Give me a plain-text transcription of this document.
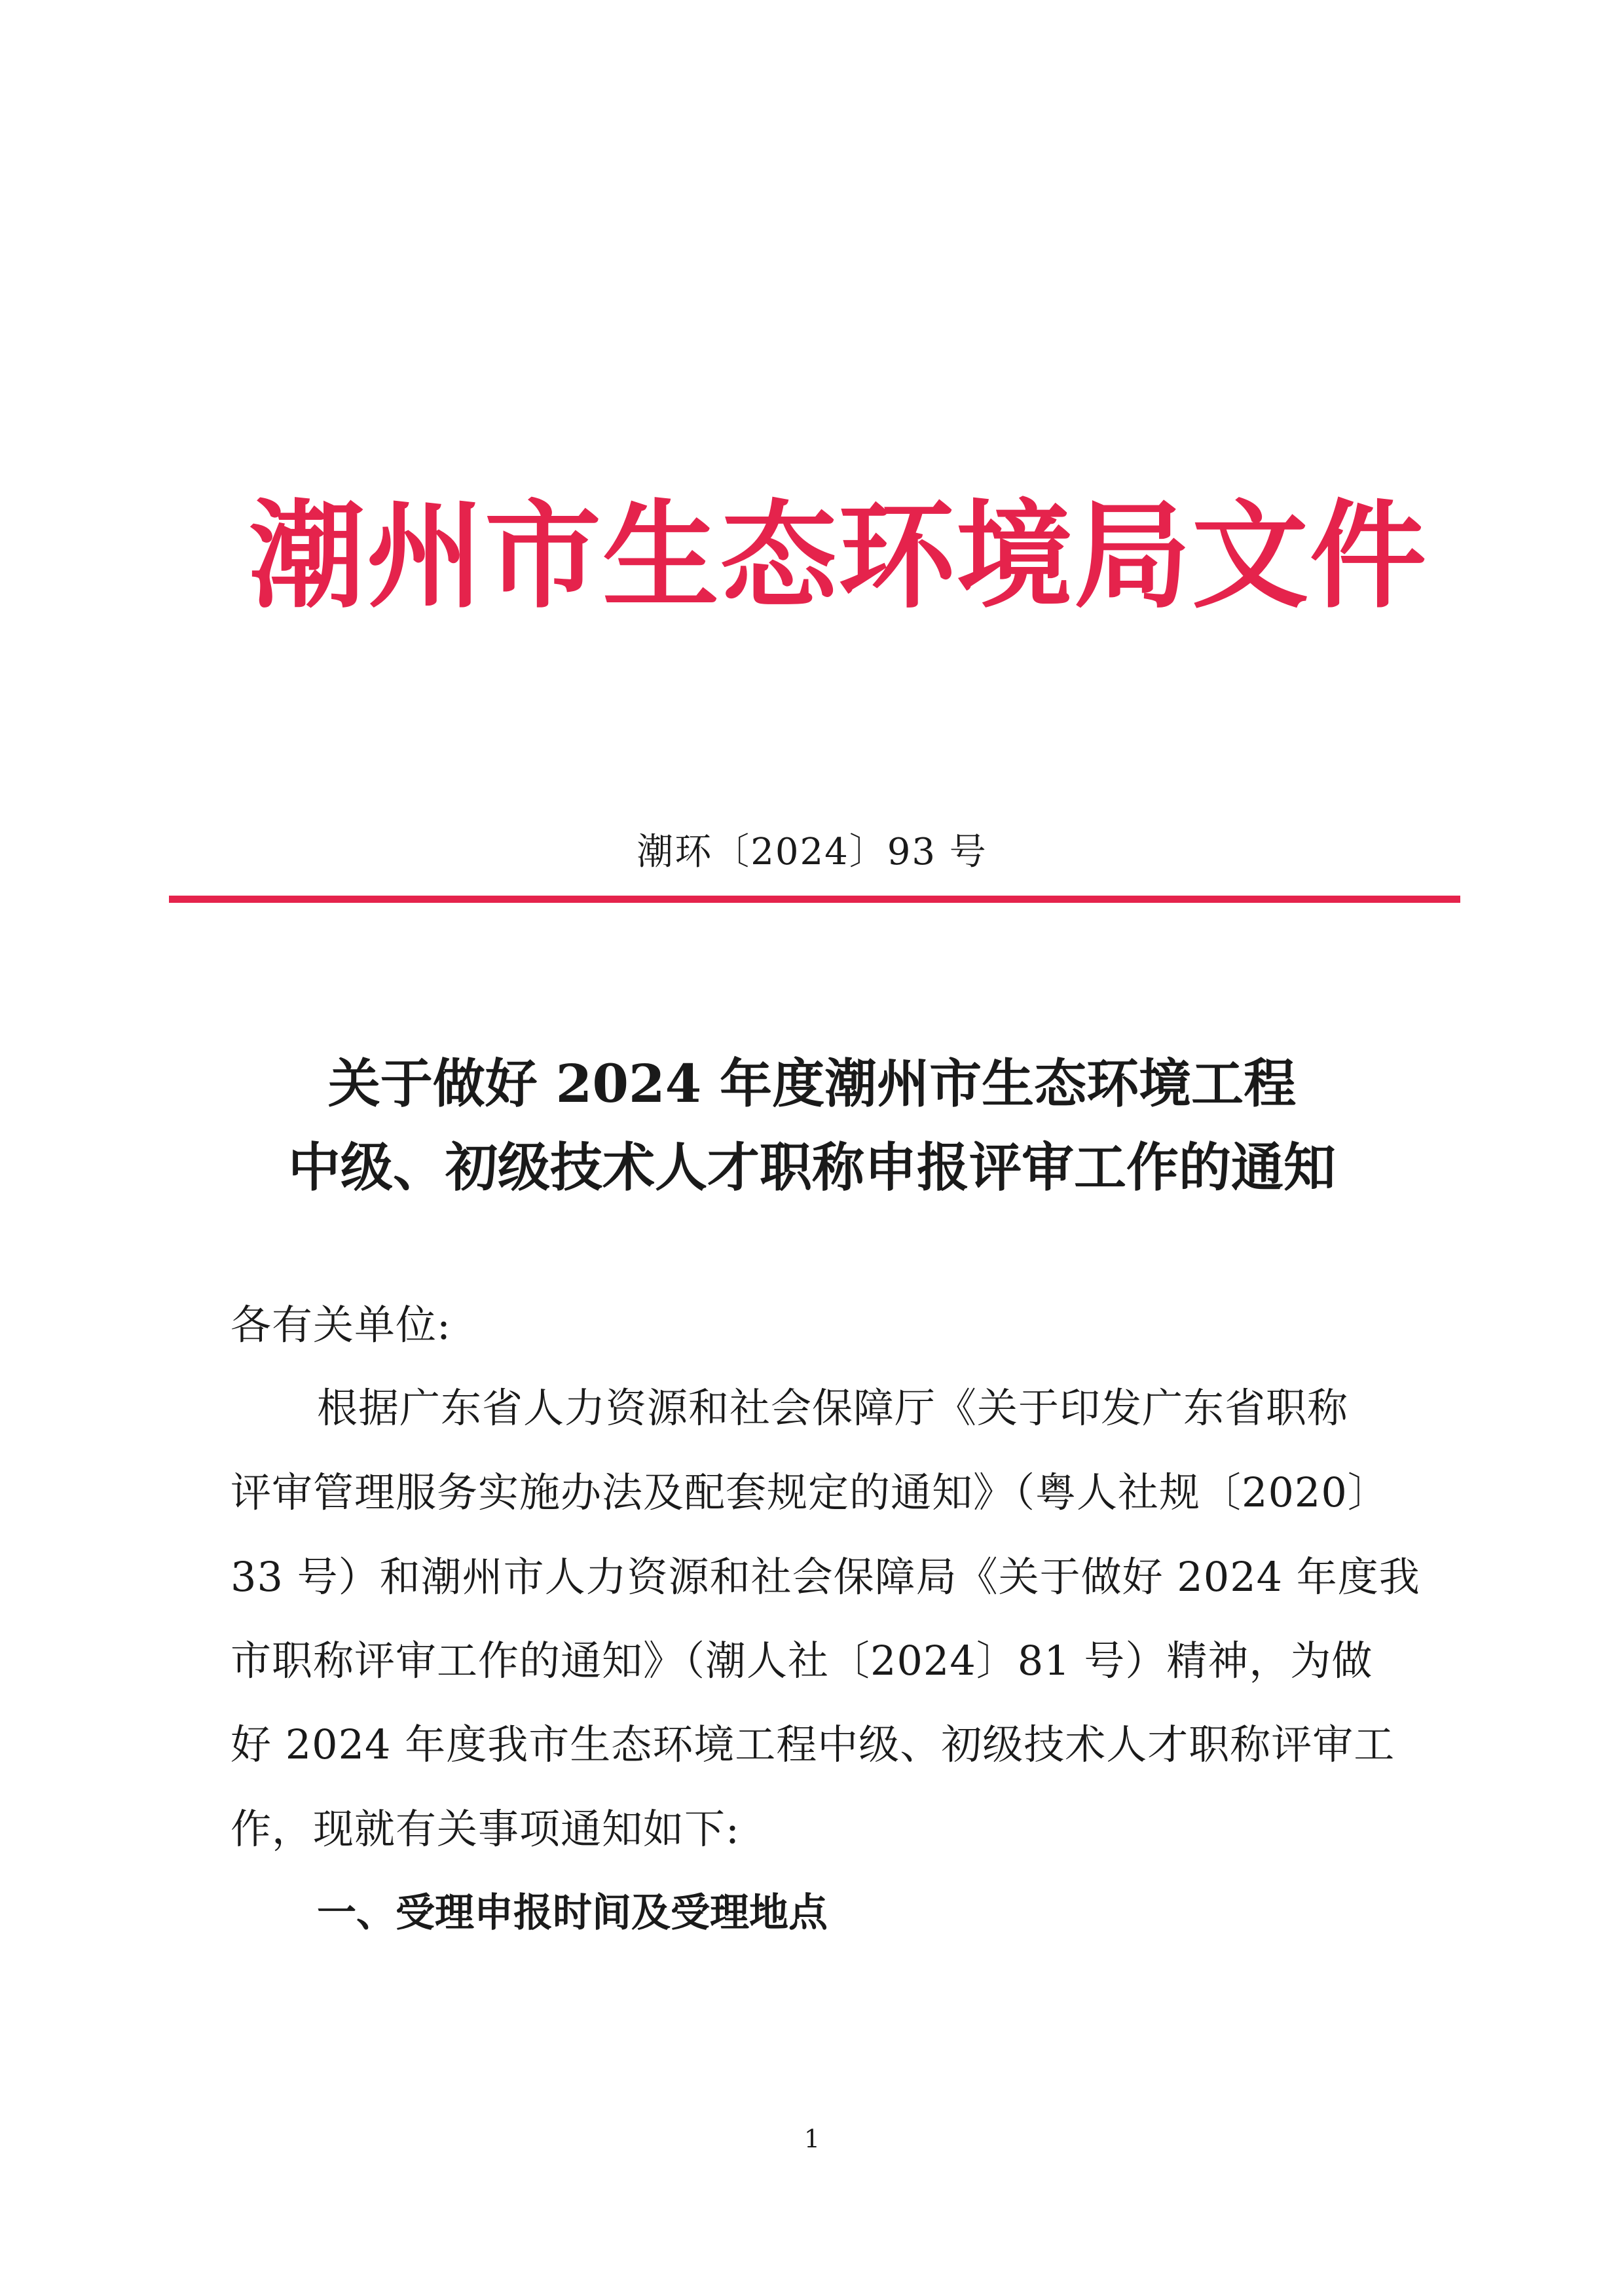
潮州市生态环境局文件
潮环〔2024〕93 号
关于做好 2024 年度潮州市生态环境工程
中级、初级技术人才职称申报评审工作的通知
各有关单位:
根据广东省人力资源和社会保障厅《关于印发广东省职称
评审管理服务实施办法及配套规定的通知》（粤人社规〔2020〕
33 号）和潮州市人力资源和社会保障局《关于做好 2024 年度我
市职称评审工作的通知》（潮人社〔2024〕81 号）精神，为做
好 2024 年度我市生态环境工程中级、初级技术人才职称评审工
作，现就有关事项通知如下:
一、受理申报时间及受理地点
1
